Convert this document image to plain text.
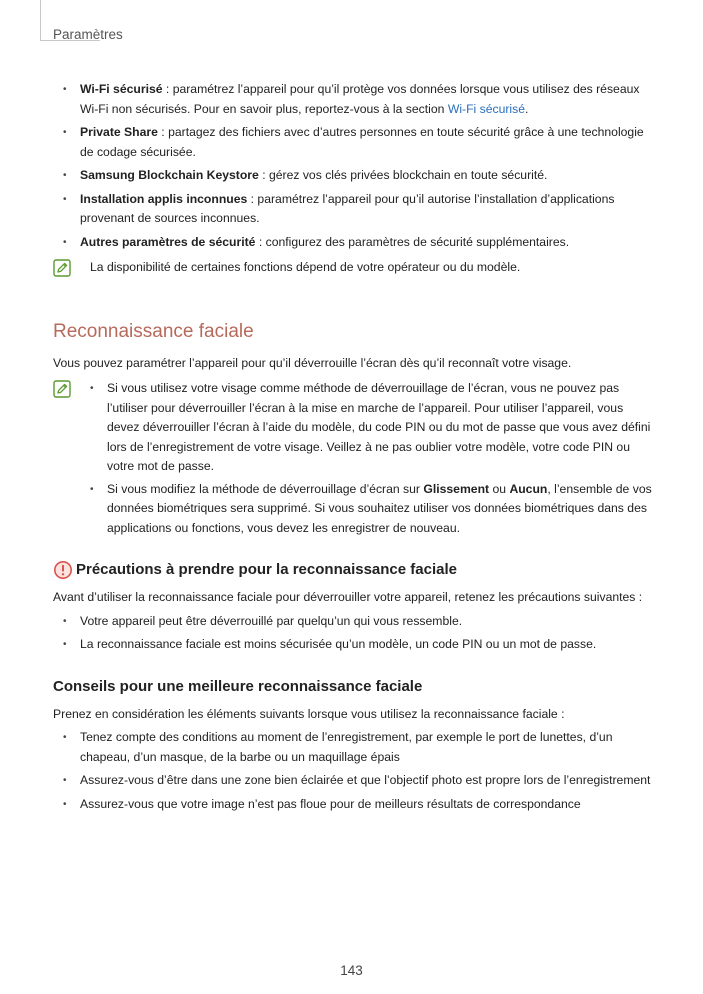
Paramètres
• Wi-Fi sécurisé : paramétrez l’appareil pour qu’il protège vos données lorsque vous utilisez des réseaux Wi-Fi non sécurisés. Pour en savoir plus, reportez-vous à la section Wi-Fi sécurisé.
• Private Share : partagez des fichiers avec d’autres personnes en toute sécurité grâce à une technologie de codage sécurisée.
• Samsung Blockchain Keystore : gérez vos clés privées blockchain en toute sécurité.
• Installation applis inconnues : paramétrez l’appareil pour qu’il autorise l’installation d’applications provenant de sources inconnues.
• Autres paramètres de sécurité : configurez des paramètres de sécurité supplémentaires.
La disponibilité de certaines fonctions dépend de votre opérateur ou du modèle.
Reconnaissance faciale

Vous pouvez paramétrer l’appareil pour qu’il déverrouille l’écran dès qu’il reconnaît votre visage.

• Si vous utilisez votre visage comme méthode de déverrouillage de l’écran, vous ne pouvez pas l’utiliser pour déverrouiller l’écran à la mise en marche de l’appareil. Pour utiliser l’appareil, vous devez déverrouiller l’écran à l’aide du modèle, du code PIN ou du mot de passe que vous avez défini lors de l’enregistrement de votre visage. Veillez à ne pas oublier votre modèle, votre code PIN ou votre mot de passe.
• Si vous modifiez la méthode de déverrouillage d’écran sur Glissement ou Aucun, l’ensemble de vos données biométriques sera supprimé. Si vous souhaitez utiliser vos données biométriques dans des applications ou fonctions, vous devez les enregistrer de nouveau.
Précautions à prendre pour la reconnaissance faciale

Avant d’utiliser la reconnaissance faciale pour déverrouiller votre appareil, retenez les précautions suivantes :

• Votre appareil peut être déverrouillé par quelqu’un qui vous ressemble.
• La reconnaissance faciale est moins sécurisée qu’un modèle, un code PIN ou un mot de passe.
Conseils pour une meilleure reconnaissance faciale

Prenez en considération les éléments suivants lorsque vous utilisez la reconnaissance faciale :

• Tenez compte des conditions au moment de l’enregistrement, par exemple le port de lunettes, d’un chapeau, d’un masque, de la barbe ou un maquillage épais
• Assurez-vous d’être dans une zone bien éclairée et que l’objectif photo est propre lors de l’enregistrement
• Assurez-vous que votre image n’est pas floue pour de meilleurs résultats de correspondance
143
